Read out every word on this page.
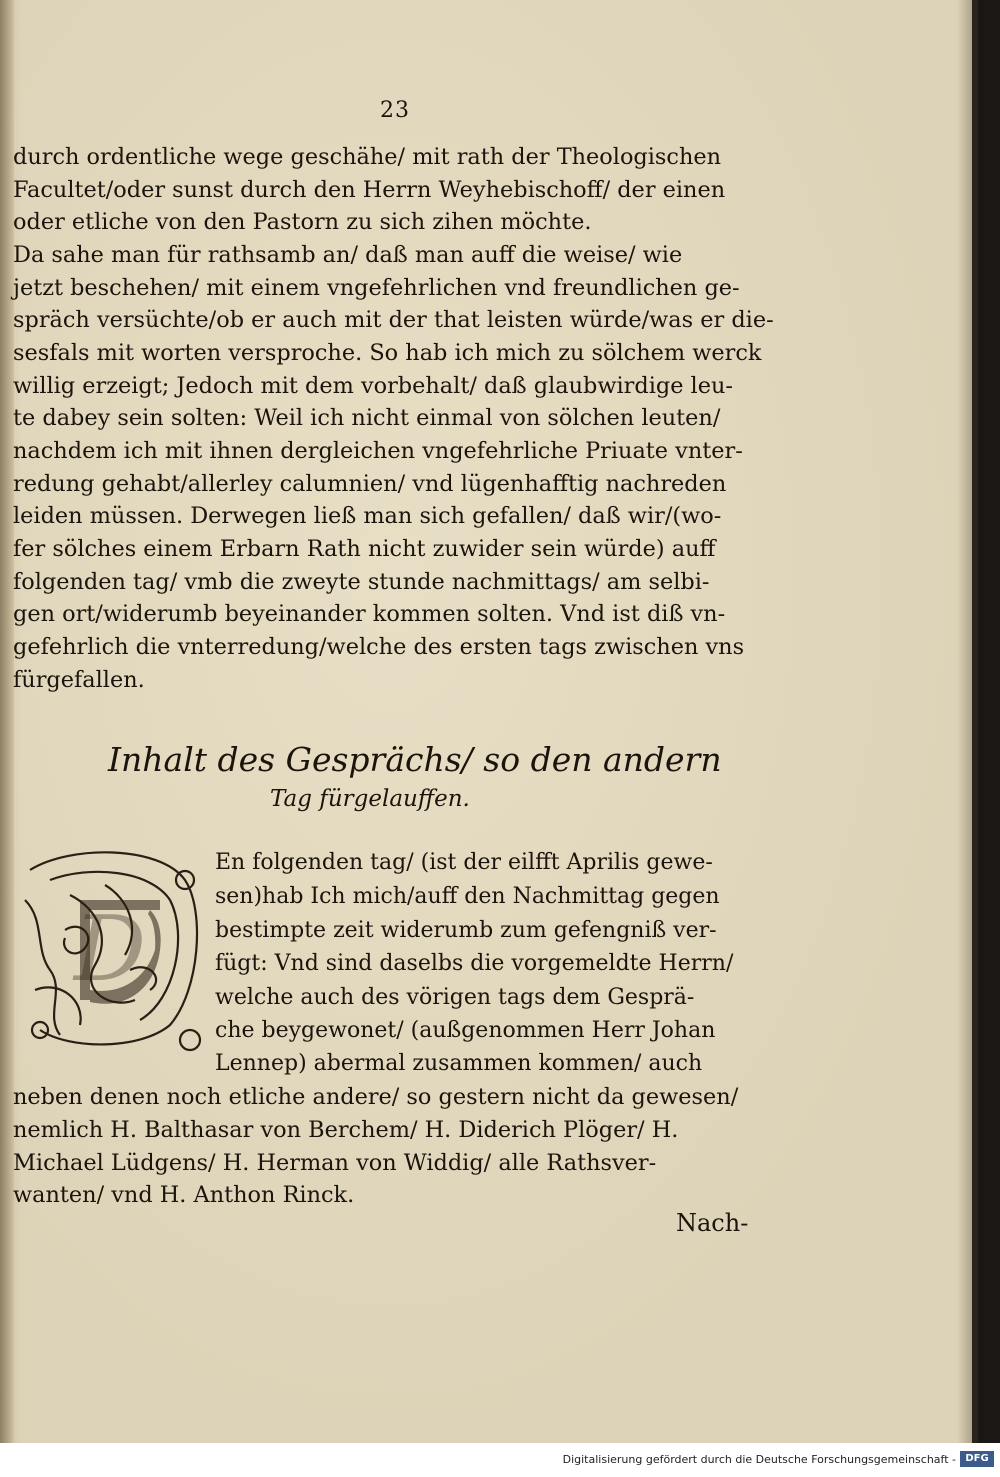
23
durch ordentliche wege geschähe/ mit rath der Theologischen
Facultet/oder sunst durch den Herrn Weyhebischoff/ der einen
oder etliche von den Pastorn zu sich zihen möchte.
Da sahe man für rathsamb an/ daß man auff die weise/ wie
jetzt beschehen/ mit einem vngefehrlichen vnd freundlichen ge-
spräch versüchte/ob er auch mit der that leisten würde/was er die-
sesfals mit worten versproche. So hab ich mich zu sölchem werck
willig erzeigt; Jedoch mit dem vorbehalt/ daß glaubwirdige leu-
te dabey sein solten: Weil ich nicht einmal von sölchen leuten/
nachdem ich mit ihnen dergleichen vngefehrliche Priuate vnter-
redung gehabt/allerley calumnien/ vnd lügenhafftig nachreden
leiden müssen. Derwegen ließ man sich gefallen/ daß wir/(wo-
fer sölches einem Erbarn Rath nicht zuwider sein würde) auff
folgenden tag/ vmb die zweyte stunde nachmittags/ am selbi-
gen ort/widerumb beyeinander kommen solten. Vnd ist diß vn-
gefehrlich die vnterredung/welche des ersten tags zwischen vns
fürgefallen.
Inhalt des Gesprächs/ so den andern
Tag fürgelauffen.
D
En folgenden tag/ (ist der eilfft Aprilis gewe-
sen)hab Ich mich/auff den Nachmittag gegen
bestimpte zeit widerumb zum gefengniß ver-
fügt: Vnd sind daselbs die vorgemeldte Herrn/
welche auch des vörigen tags dem Gesprä-
che beygewonet/ (außgenommen Herr Johan
Lennep) abermal zusammen kommen/ auch
neben denen noch etliche andere/ so gestern nicht da gewesen/
nemlich H. Balthasar von Berchem/ H. Diderich Plöger/ H.
Michael Lüdgens/ H. Herman von Widdig/ alle Rathsver-
wanten/ vnd H. Anthon Rinck.
Nach-
Digitalisierung gefördert durch die Deutsche Forschungsgemeinschaft - DFG
